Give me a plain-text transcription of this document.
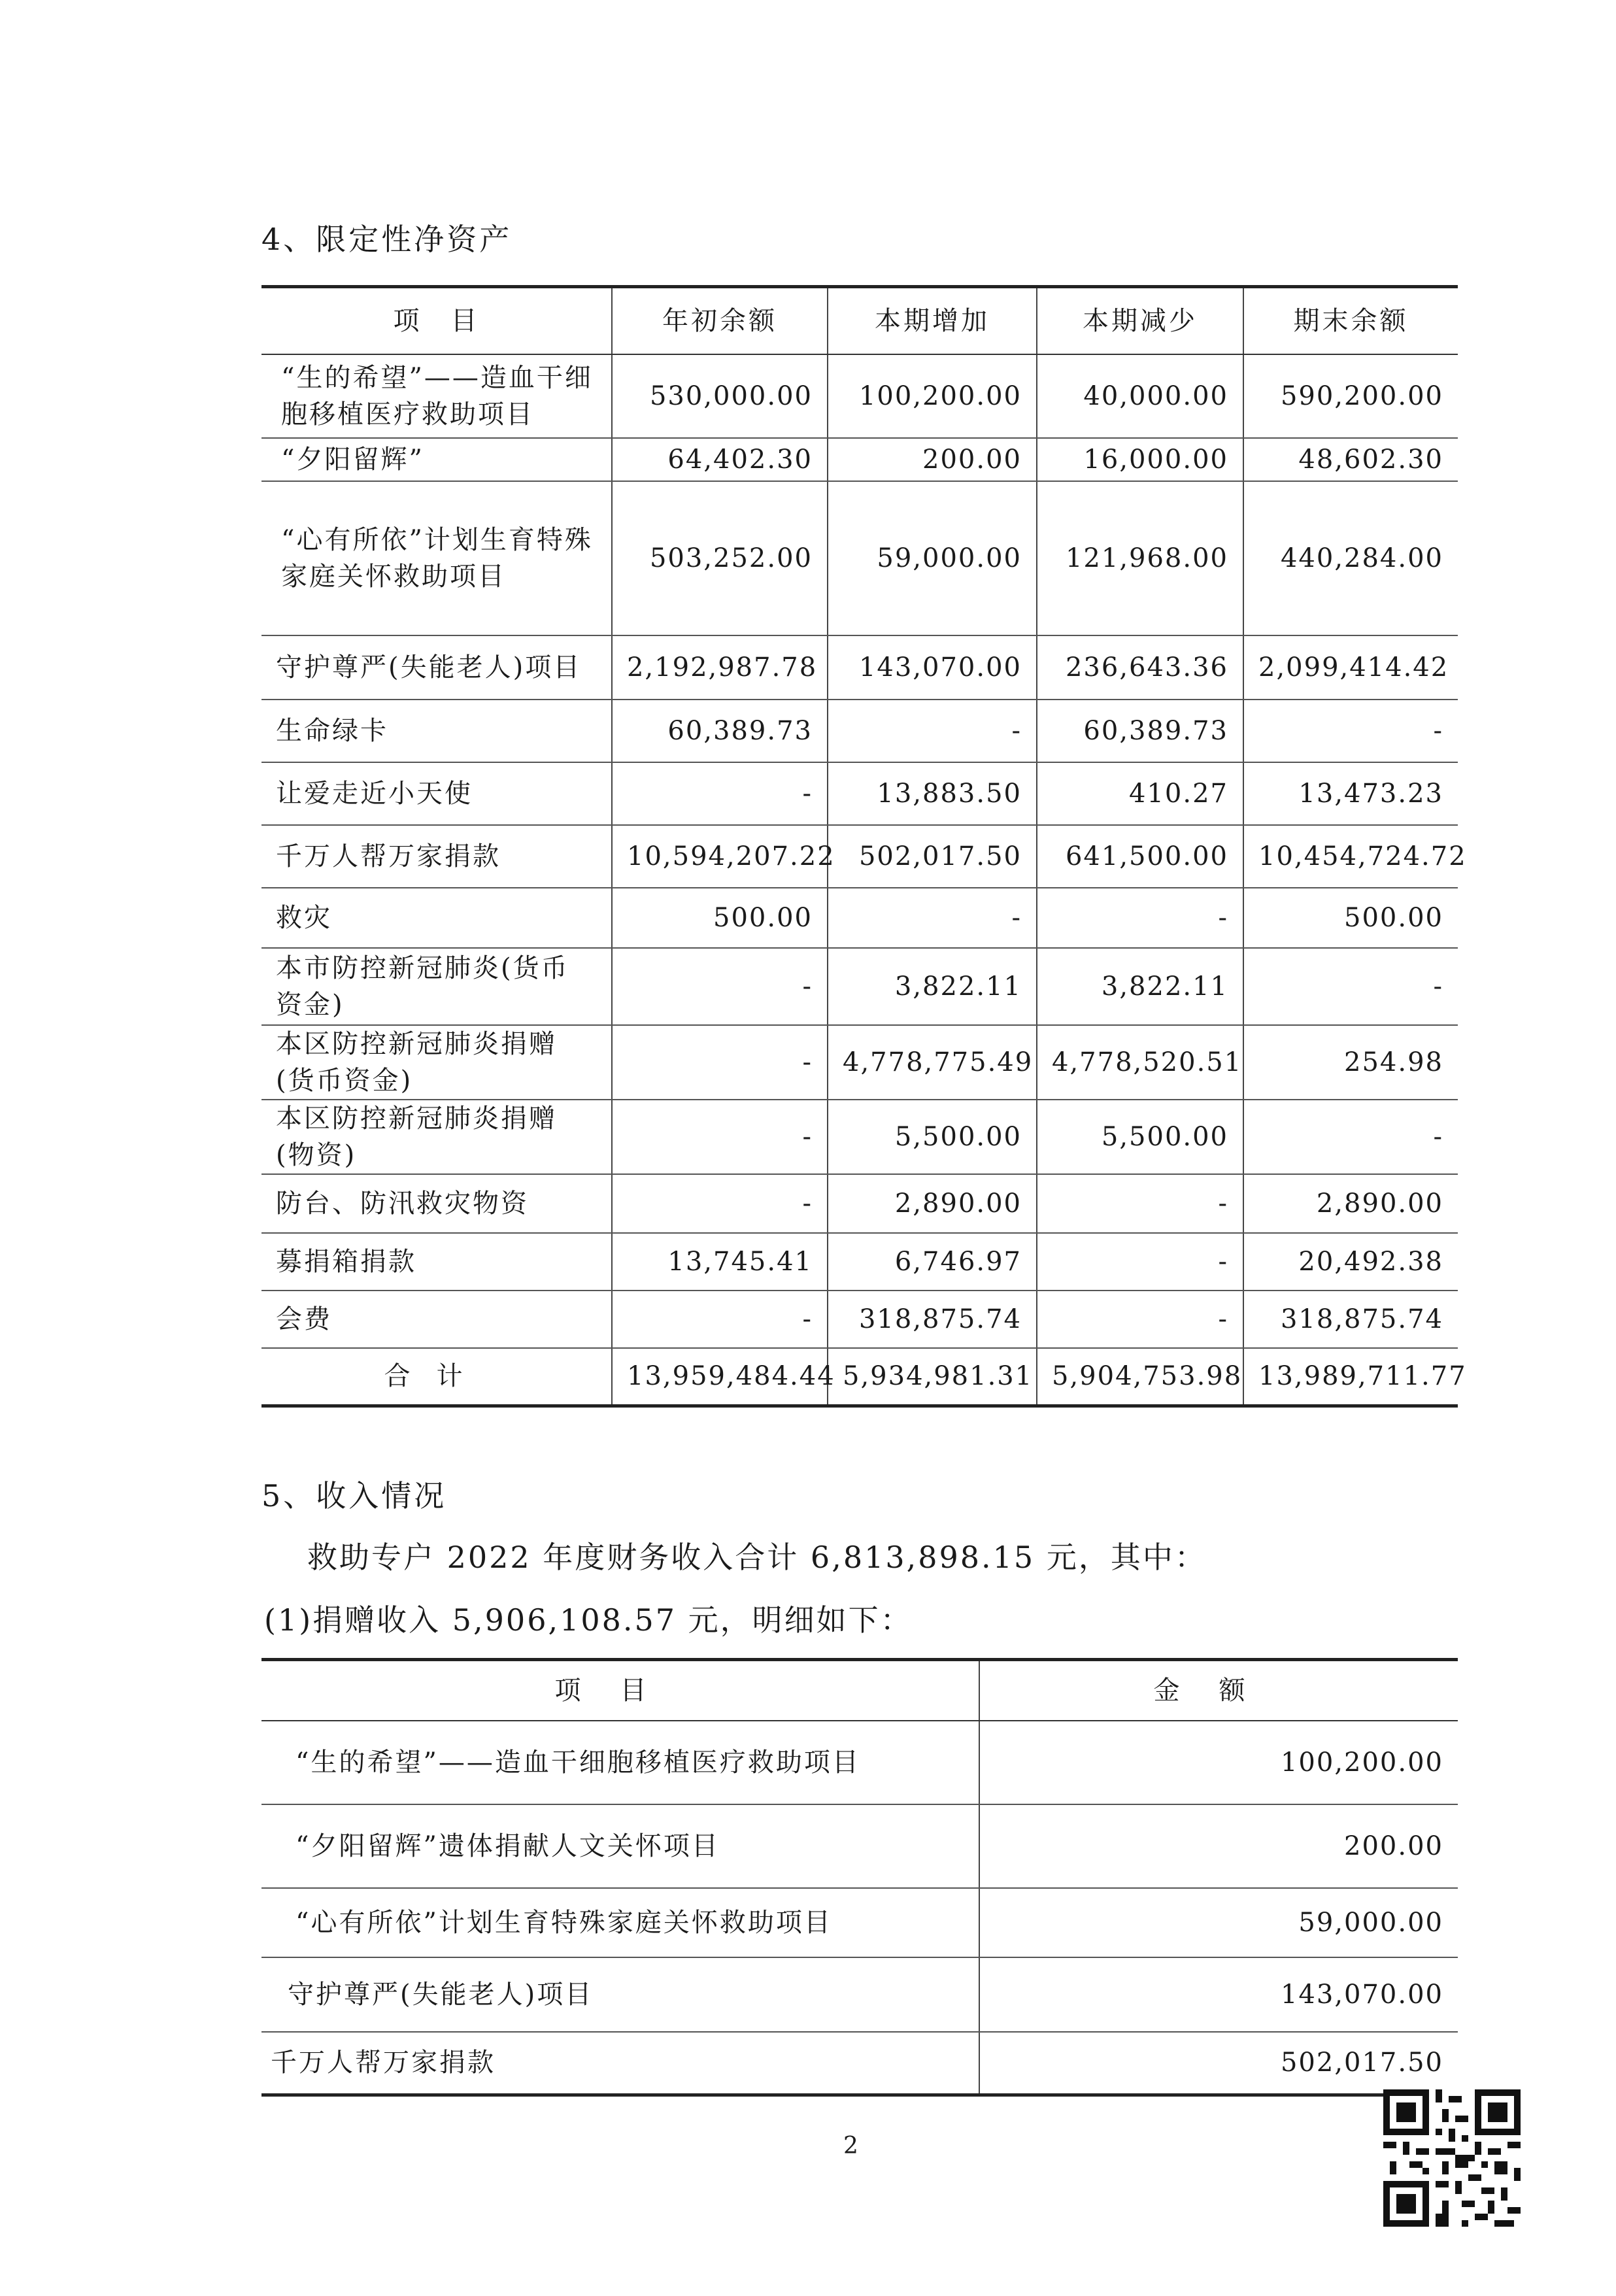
4、限定性净资产
项　目	年初余额	本期增加	本期减少	期末余额
“生的希望”——造血干细胞移植医疗救助项目	530,000.00	100,200.00	40,000.00	590,200.00
“夕阳留辉”	64,402.30	200.00	16,000.00	48,602.30
“心有所依”计划生育特殊家庭关怀救助项目	503,252.00	59,000.00	121,968.00	440,284.00
守护尊严(失能老人)项目	2,192,987.78	143,070.00	236,643.36	2,099,414.42
生命绿卡	60,389.73	-	60,389.73	-
让爱走近小天使	-	13,883.50	410.27	13,473.23
千万人帮万家捐款	10,594,207.22	502,017.50	641,500.00	10,454,724.72
救灾	500.00	-	-	500.00
本市防控新冠肺炎(货币资金)	-	3,822.11	3,822.11	-
本区防控新冠肺炎捐赠(货币资金)	-	4,778,775.49	4,778,520.51	254.98
本区防控新冠肺炎捐赠(物资)	-	5,500.00	5,500.00	-
防台、防汛救灾物资	-	2,890.00	-	2,890.00
募捐箱捐款	13,745.41	6,746.97	-	20,492.38
会费	-	318,875.74	-	318,875.74
合计	13,959,484.44	5,934,981.31	5,904,753.98	13,989,711.77
5、收入情况
救助专户 2022 年度财务收入合计 6,813,898.15 元，其中：
(1)捐赠收入 5,906,108.57 元，明细如下：
项目	金额
“生的希望”——造血干细胞移植医疗救助项目	100,200.00
“夕阳留辉”遗体捐献人文关怀项目	200.00
“心有所依”计划生育特殊家庭关怀救助项目	59,000.00
守护尊严(失能老人)项目	143,070.00
千万人帮万家捐款	502,017.50
2
